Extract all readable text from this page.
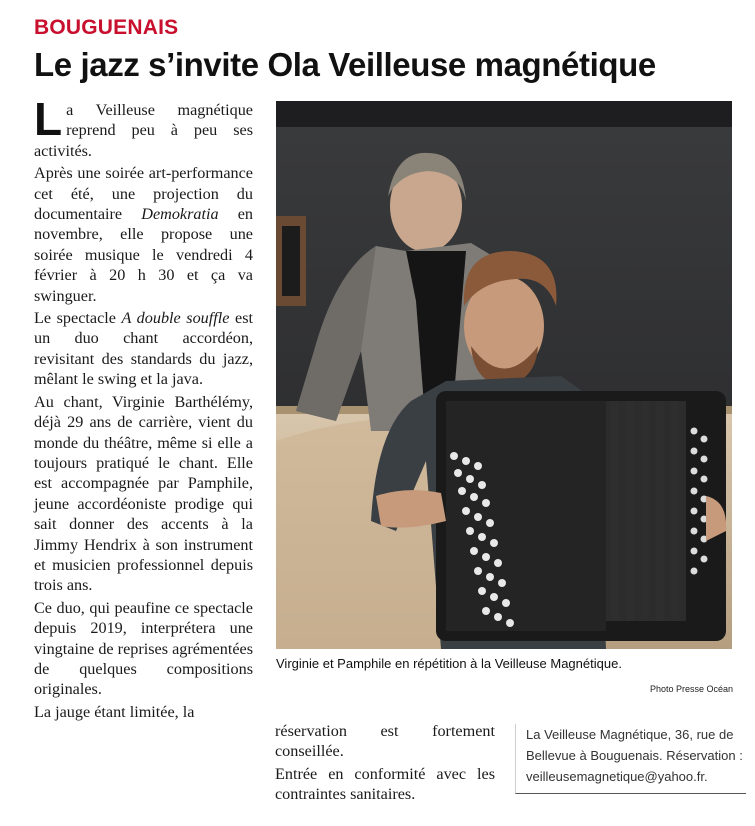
BOUGUENAIS
Le jazz s’invite Ola Veilleuse magnétique

La Veilleuse magnétique reprend peu à peu ses activités.

Après une soirée art-performance cet été, une projection du documentaire Demokratia en novembre, elle propose une soirée musique le vendredi 4 février à 20 h 30 et ça va swinguer.

Le spectacle A double souffle est un duo chant accordéon, revisitant des standards du jazz, mêlant le swing et la java.

Au chant, Virginie Barthélémy, déjà 29 ans de carrière, vient du monde du théâtre, même si elle a toujours pratiqué le chant. Elle est accompagnée par Pamphile, jeune accordéoniste prodige qui sait donner des accents à la Jimmy Hendrix à son instrument et musicien professionnel depuis trois ans.

Ce duo, qui peaufine ce spectacle depuis 2019, interprétera une vingtaine de reprises agrémentées de quelques compositions originales.

La jauge étant limitée, la

Virginie et Pamphile en répétition à la Veilleuse Magnétique.
Photo Presse Océan

réservation est fortement conseillée.

Entrée en conformité avec les contraintes sanitaires.

La Veilleuse Magnétique, 36, rue de
Bellevue à Bouguenais. Réservation :
veilleusemagnetique@yahoo.fr.
